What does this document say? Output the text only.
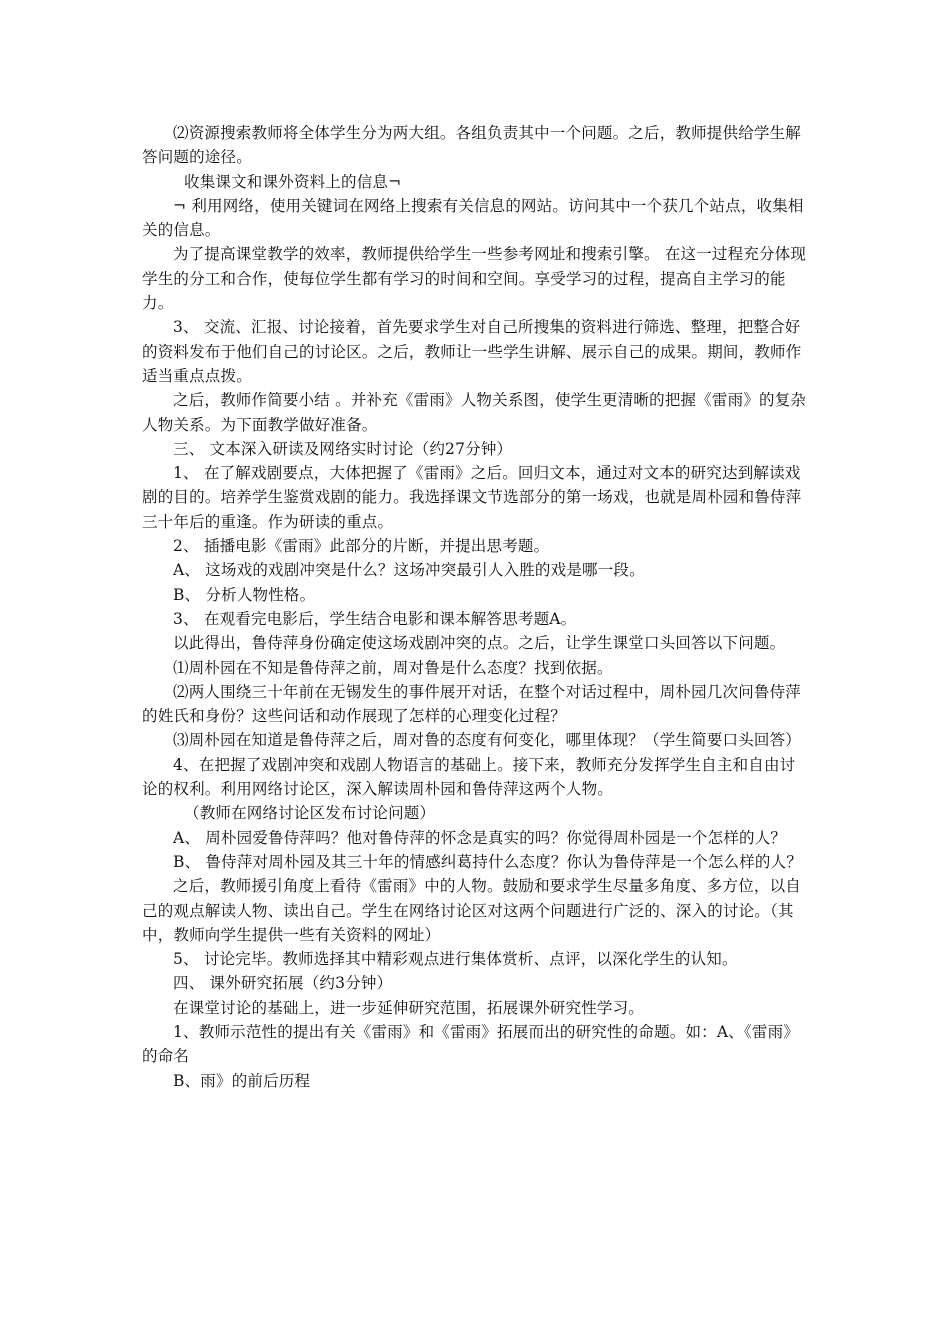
⑵资源搜索教师将全体学生分为两大组。各组负责其中一个问题。之后，教师提供给学生解答问题的途径。

收集课文和课外资料上的信息¬

¬ 利用网络，使用关键词在网络上搜索有关信息的网站。访问其中一个获几个站点，收集相关的信息。

为了提高课堂教学的效率，教师提供给学生一些参考网址和搜索引擎。 在这一过程充分体现学生的分工和合作，使每位学生都有学习的时间和空间。享受学习的过程，提高自主学习的能力。

3、 交流、汇报、讨论接着，首先要求学生对自己所搜集的资料进行筛选、整理，把整合好的资料发布于他们自己的讨论区。之后，教师让一些学生讲解、展示自己的成果。期间，教师作适当重点点拨。

之后，教师作简要小结 。并补充《雷雨》人物关系图，使学生更清晰的把握《雷雨》的复杂人物关系。为下面教学做好准备。

三、 文本深入研读及网络实时讨论（约27分钟）

1、 在了解戏剧要点，大体把握了《雷雨》之后。回归文本，通过对文本的研究达到解读戏剧的目的。培养学生鉴赏戏剧的能力。我选择课文节选部分的第一场戏，也就是周朴园和鲁侍萍三十年后的重逢。作为研读的重点。

2、 插播电影《雷雨》此部分的片断，并提出思考题。

A、 这场戏的戏剧冲突是什么？这场冲突最引人入胜的戏是哪一段。

B、 分析人物性格。

3、 在观看完电影后，学生结合电影和课本解答思考题A。

以此得出，鲁侍萍身份确定使这场戏剧冲突的点。之后，让学生课堂口头回答以下问题。

⑴周朴园在不知是鲁侍萍之前，周对鲁是什么态度？找到依据。

⑵两人围绕三十年前在无锡发生的事件展开对话，在整个对话过程中，周朴园几次问鲁侍萍的姓氏和身份？这些问话和动作展现了怎样的心理变化过程？

⑶周朴园在知道是鲁侍萍之后，周对鲁的态度有何变化，哪里体现？（学生简要口头回答）

4、在把握了戏剧冲突和戏剧人物语言的基础上。接下来，教师充分发挥学生自主和自由讨论的权利。利用网络讨论区，深入解读周朴园和鲁侍萍这两个人物。

（教师在网络讨论区发布讨论问题）

A、 周朴园爱鲁侍萍吗？他对鲁侍萍的怀念是真实的吗？你觉得周朴园是一个怎样的人？

B、 鲁侍萍对周朴园及其三十年的情感纠葛持什么态度？你认为鲁侍萍是一个怎么样的人？

之后，教师援引角度上看待《雷雨》中的人物。鼓励和要求学生尽量多角度、多方位，以自己的观点解读人物、读出自己。学生在网络讨论区对这两个问题进行广泛的、深入的讨论。（其中，教师向学生提供一些有关资料的网址）

5、 讨论完毕。教师选择其中精彩观点进行集体赏析、点评，以深化学生的认知。

四、 课外研究拓展（约3分钟）

在课堂讨论的基础上，进一步延伸研究范围，拓展课外研究性学习。

1、教师示范性的提出有关《雷雨》和《雷雨》拓展而出的研究性的命题。如：A、《雷雨》的命名

B、雨》的前后历程
